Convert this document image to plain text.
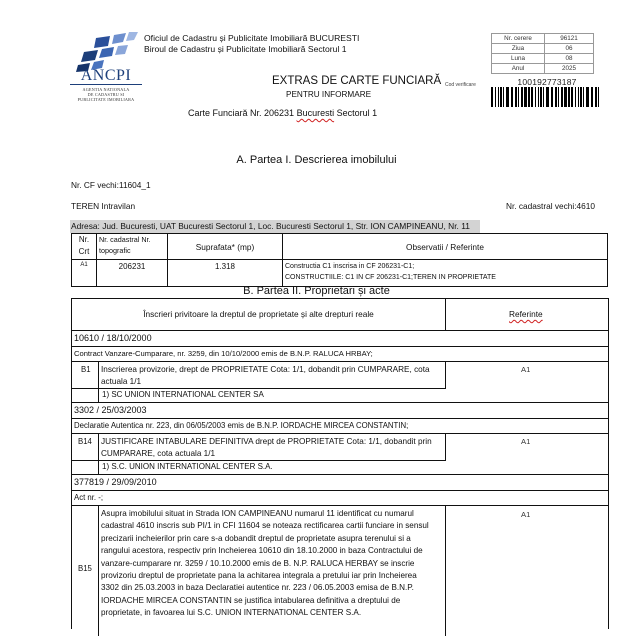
ANCPI
AGENTIA NATIONALA
DE CADASTRU SI
PUBLICITATE IMOBILIARA
Oficiul de Cadastru și Publicitate Imobiliară BUCURESTI
Biroul de Cadastru și Publicitate Imobiliară Sectorul 1
Nr. cerere	96121
Ziua	06
Luna	08
Anul	2025
EXTRAS DE CARTE FUNCIARĂ
PENTRU INFORMARE
Cod verificare	100192773187
Carte Funciară Nr. 206231 Bucuresti Sectorul 1
A. Partea I. Descrierea imobilului
Nr. CF vechi:11604_1
TEREN Intravilan	Nr. cadastral vechi:4610
Adresa: Jud. Bucuresti, UAT Bucuresti Sectorul 1, Loc. Bucuresti Sectorul 1, Str. ION CAMPINEANU, Nr. 11
Nr. Crt	Nr. cadastral Nr. topografic	Suprafata* (mp)	Observatii / Referinte
A1	206231	1.318	Constructia C1 inscrisa in CF 206231-C1;
CONSTRUCTIILE: C1 IN CF 206231-C1;TEREN IN PROPRIETATE
B. Partea II. Proprietari și acte
Înscrieri privitoare la dreptul de proprietate și alte drepturi reale	Referinte
10610 / 18/10/2000
Contract Vanzare-Cumparare, nr. 3259, din 10/10/2000 emis de B.N.P. RALUCA HRBAY;
B1 Inscrierea provizorie, drept de PROPRIETATE Cota: 1/1, dobandit prin CUMPARARE, cota
actuala 1/1
A1
1) SC UNION INTERNATIONAL CENTER SA
3302 / 25/03/2003
Declaratie Autentica nr. 223, din 06/05/2003 emis de B.N.P. IORDACHE MIRCEA CONSTANTIN;
B14 JUSTIFICARE INTABULARE DEFINITIVA drept de PROPRIETATE Cota: 1/1, dobandit prin
CUMPARARE, cota actuala 1/1
A1
1) S.C. UNION INTERNATIONAL CENTER S.A.
377819 / 29/09/2010
Act nr. -;
B15
Asupra imobilului situat in Strada ION CAMPINEANU numarul 11 identificat cu numarul
cadastral 4610 inscris sub PI/1 in CFI 11604 se noteaza rectificarea cartii funciare in sensul
precizarii incheierilor prin care s-a dobandit dreptul de proprietate asupra terenului si a
rangului acestora, respectiv prin Incheierea 10610 din 18.10.2000 in baza Contractului de
vanzare-cumparare nr. 3259 / 10.10.2000 emis de B. N.P. RALUCA HERBAY se inscrie
provizoriu dreptul de proprietate pana la achitarea integrala a pretului iar prin Incheierea
3302 din 25.03.2003 in baza Declaratiei autentice nr. 223 / 06.05.2003 emisa de B.N.P.
IORDACHE MIRCEA CONSTANTIN se justifica intabularea definitiva a dreptului de
proprietate, in favoarea lui S.C. UNION INTERNATIONAL CENTER S.A.
A1
